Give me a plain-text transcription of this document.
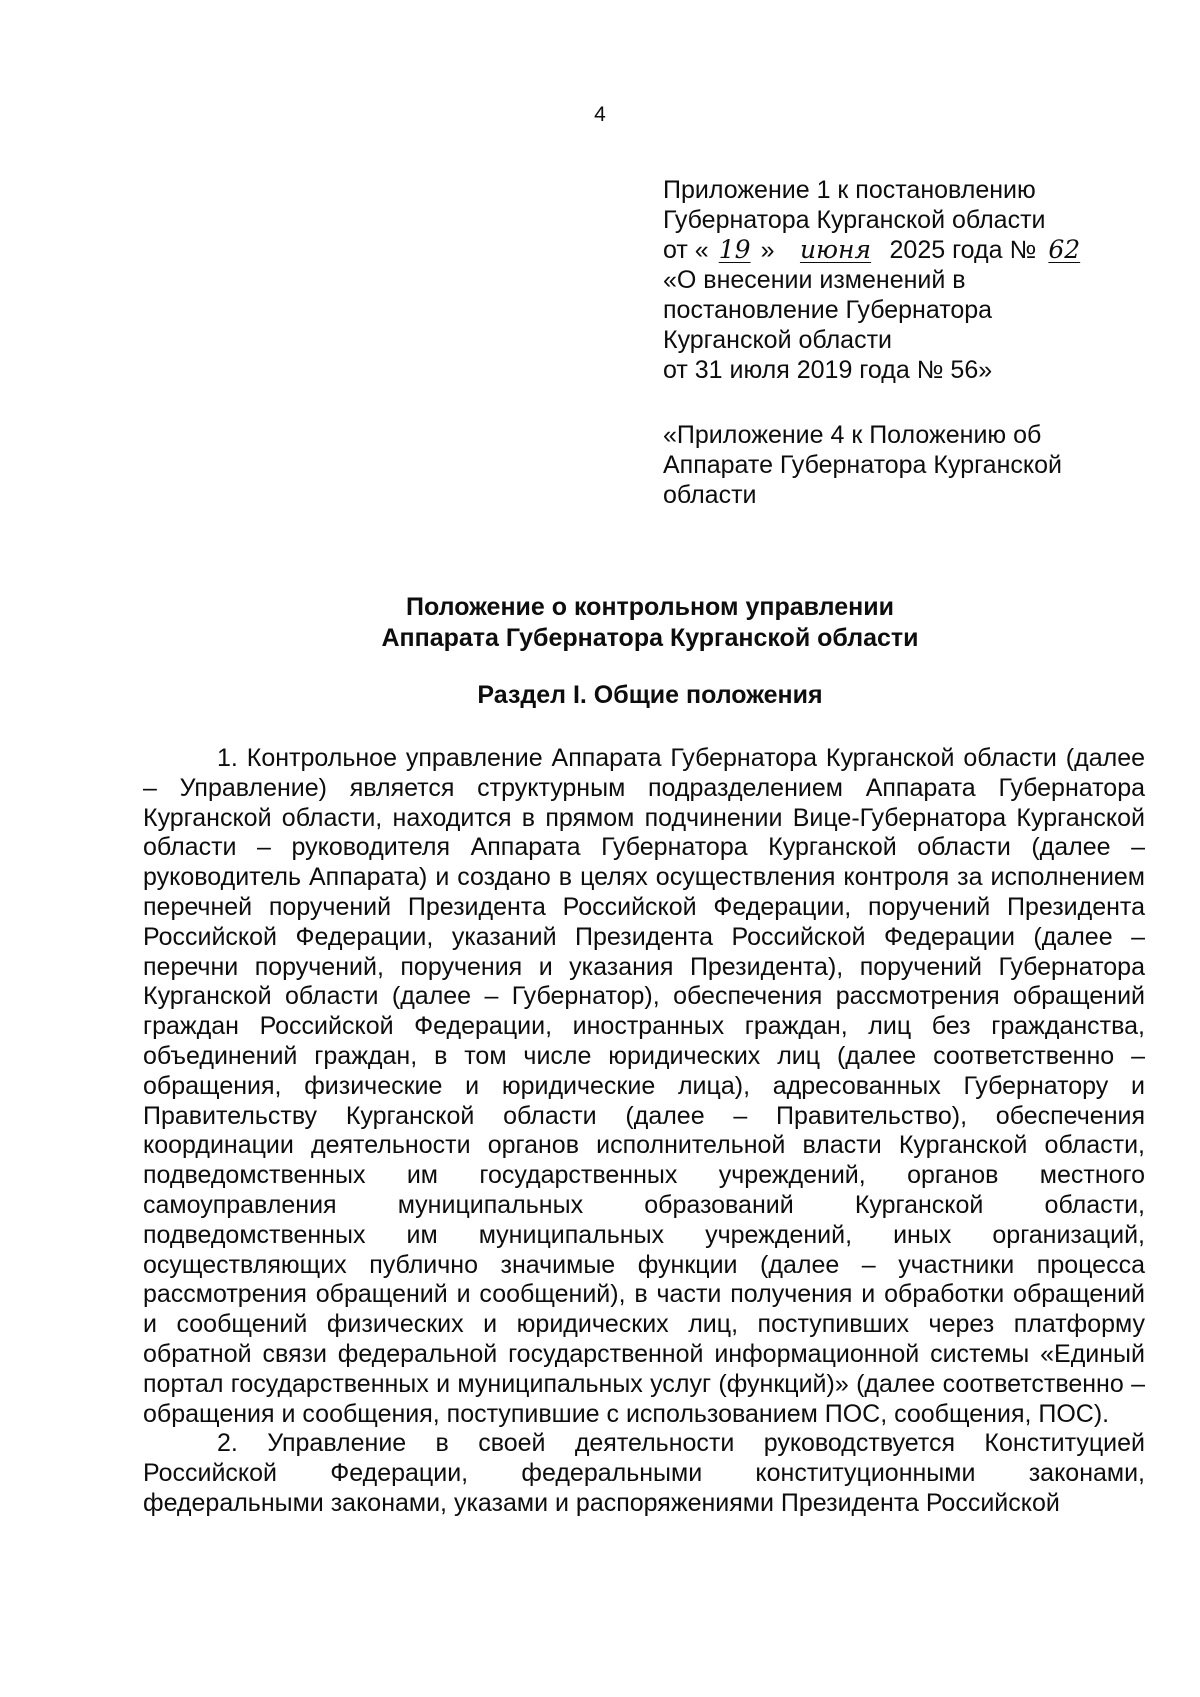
4
Приложение 1 к постановлению
Губернатора Курганской области
от « 19 » июня 2025 года № 62
«О внесении изменений в
постановление Губернатора
Курганской области
от 31 июля 2019 года № 56»
«Приложение 4 к Положению об
Аппарате Губернатора Курганской
области
Положение о контрольном управлении
Аппарата Губернатора Курганской области
Раздел I. Общие положения

1. Контрольное управление Аппарата Губернатора Курганской области (далее – Управление) является структурным подразделением Аппарата Губернатора Курганской области, находится в прямом подчинении Вице-Губернатора Курганской области – руководителя Аппарата Губернатора Курганской области (далее – руководитель Аппарата) и создано в целях осуществления контроля за исполнением перечней поручений Президента Российской Федерации, поручений Президента Российской Федерации, указаний Президента Российской Федерации (далее – перечни поручений, поручения и указания Президента), поручений Губернатора Курганской области (далее – Губернатор), обеспечения рассмотрения обращений граждан Российской Федерации, иностранных граждан, лиц без гражданства, объединений граждан, в том числе юридических лиц (далее соответственно – обращения, физические и юридические лица), адресованных Губернатору и Правительству Курганской области (далее – Правительство), обеспечения координации деятельности органов исполнительной власти Курганской области, подведомственных им государственных учреждений, органов местного самоуправления муниципальных образований Курганской области, подведомственных им муниципальных учреждений, иных организаций, осуществляющих публично значимые функции (далее – участники процесса рассмотрения обращений и сообщений), в части получения и обработки обращений и сообщений физических и юридических лиц, поступивших через платформу обратной связи федеральной государственной информационной системы «Единый портал государственных и муниципальных услуг (функций)» (далее соответственно – обращения и сообщения, поступившие с использованием ПОС, сообщения, ПОС).

2. Управление в своей деятельности руководствуется Конституцией Российской Федерации, федеральными конституционными законами, федеральными законами, указами и распоряжениями Президента Российской
